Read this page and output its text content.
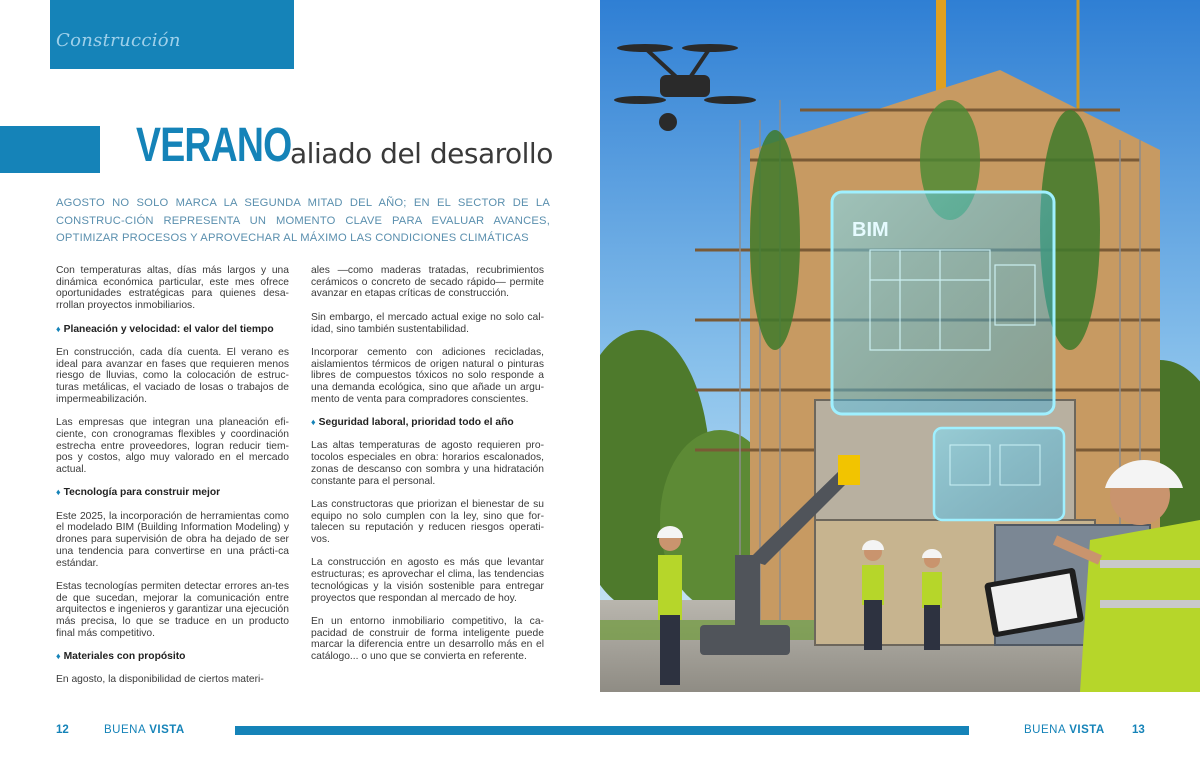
Construcción
VERANO
aliado del desarollo
AGOSTO NO SOLO MARCA LA SEGUNDA MITAD DEL AÑO; EN EL SECTOR DE LA CONSTRUC-CIÓN REPRESENTA UN MOMENTO CLAVE PARA EVALUAR AVANCES, OPTIMIZAR PROCESOS Y APROVECHAR AL MÁXIMO LAS CONDICIONES CLIMÁTICAS

Con temperaturas altas, días más largos y una dinámica económica particular, este mes ofrece oportunidades estratégicas para quienes desa-rrollan proyectos inmobiliarios.

♦ Planeación y velocidad: el valor del tiempo

En construcción, cada día cuenta. El verano es ideal para avanzar en fases que requieren menos riesgo de lluvias, como la colocación de estruc-turas metálicas, el vaciado de losas o trabajos de impermeabilización.

Las empresas que integran una planeación efi-ciente, con cronogramas flexibles y coordinación estrecha entre proveedores, logran reducir tiem-pos y costos, algo muy valorado en el mercado actual.

♦ Tecnología para construir mejor

Este 2025, la incorporación de herramientas como el modelado BIM (Building Information Modeling) y drones para supervisión de obra ha dejado de ser una tendencia para convertirse en una prácti-ca estándar.

Estas tecnologías permiten detectar errores an-tes de que sucedan, mejorar la comunicación entre arquitectos e ingenieros y garantizar una ejecución más precisa, lo que se traduce en un producto final más competitivo.

♦ Materiales con propósito

En agosto, la disponibilidad de ciertos materi-

ales —como maderas tratadas, recubrimientos cerámicos o concreto de secado rápido— permite avanzar en etapas críticas de construcción.

Sin embargo, el mercado actual exige no solo cal-idad, sino también sustentabilidad.

Incorporar cemento con adiciones recicladas, aislamientos térmicos de origen natural o pinturas libres de compuestos tóxicos no solo responde a una demanda ecológica, sino que añade un argu-mento de venta para compradores conscientes.

♦ Seguridad laboral, prioridad todo el año

Las altas temperaturas de agosto requieren pro-tocolos especiales en obra: horarios escalonados, zonas de descanso con sombra y una hidratación constante para el personal.

Las constructoras que priorizan el bienestar de su equipo no solo cumplen con la ley, sino que for-talecen su reputación y reducen riesgos operati-vos.

La construcción en agosto es más que levantar estructuras; es aprovechar el clima, las tendencias tecnológicas y la visión sostenible para entregar proyectos que respondan al mercado de hoy.

En un entorno inmobiliario competitivo, la ca-pacidad de construir de forma inteligente puede marcar la diferencia entre un desarrollo más en el catálogo... o uno que se convierta en referente.

BIM
12	BUENA VISTA	BUENA VISTA 13
